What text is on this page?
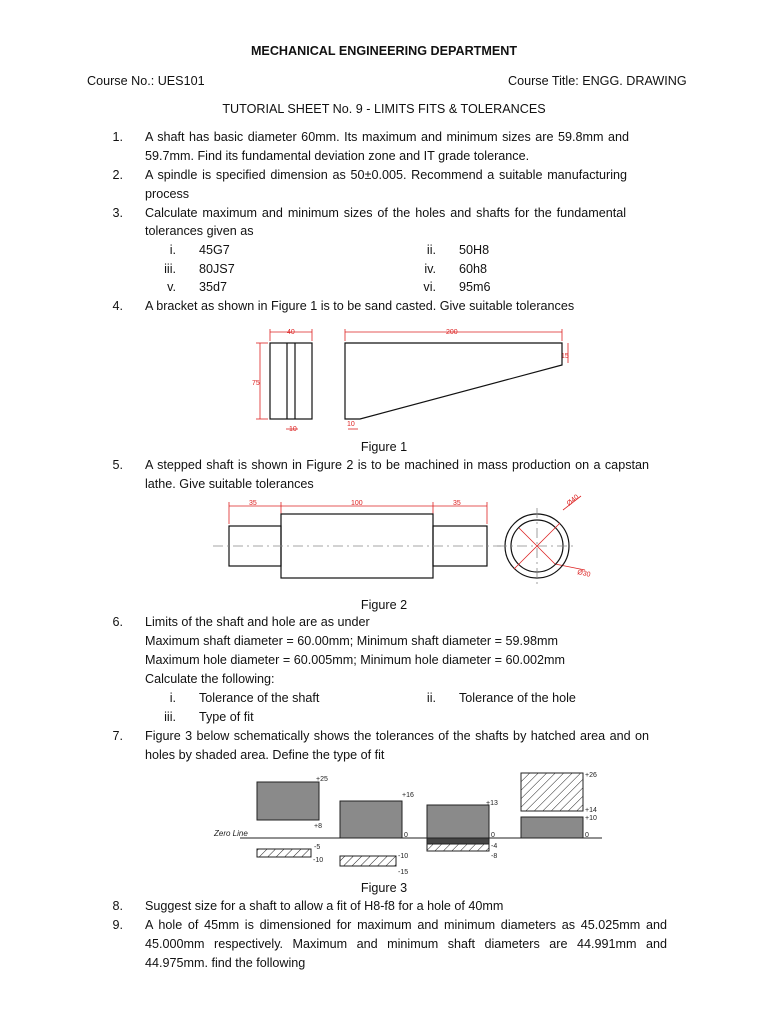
MECHANICAL ENGINEERING DEPARTMENT
Course No.: UES101	Course Title: ENGG. DRAWING
TUTORIAL SHEET No. 9 - LIMITS FITS & TOLERANCES
1. A shaft has basic diameter 60mm. Its maximum and minimum sizes are 59.8mm and
59.7mm. Find its fundamental deviation zone and IT grade tolerance.
2. A spindle is specified dimension as 50±0.005. Recommend a suitable manufacturing
process
3. Calculate maximum and minimum sizes of the holes and shafts for the fundamental
tolerances given as
i. 45G7	ii. 50H8
iii. 80JS7	iv. 60h8
v. 35d7	vi. 95m6
4. A bracket as shown in Figure 1 is to be sand casted. Give suitable tolerances
40	200
75
10
10
15
Figure 1
5. A stepped shaft is shown in Figure 2 is to be machined in mass production on a capstan
lathe. Give suitable tolerances
35	100	35	Ø40
Ø30
Figure 2
6. Limits of the shaft and hole are as under
Maximum shaft diameter = 60.00mm; Minimum shaft diameter = 59.98mm
Maximum hole diameter = 60.005mm; Minimum hole diameter = 60.002mm
Calculate the following:
i. Tolerance of the shaft	ii. Tolerance of the hole
iii. Type of fit
7. Figure 3 below schematically shows the tolerances of the shafts by hatched area and on
holes by shaded area. Define the type of fit
Zero Line
+25
+8
-5
-10
+16
0
-10
-15
+13
0
-4
-8
+26
+14
+10
0
Figure 3
8. Suggest size for a shaft to allow a fit of H8-f8 for a hole of 40mm
9. A hole of 45mm is dimensioned for maximum and minimum diameters as 45.025mm and
45.000mm respectively. Maximum and minimum shaft diameters are 44.991mm and
44.975mm. find the following
